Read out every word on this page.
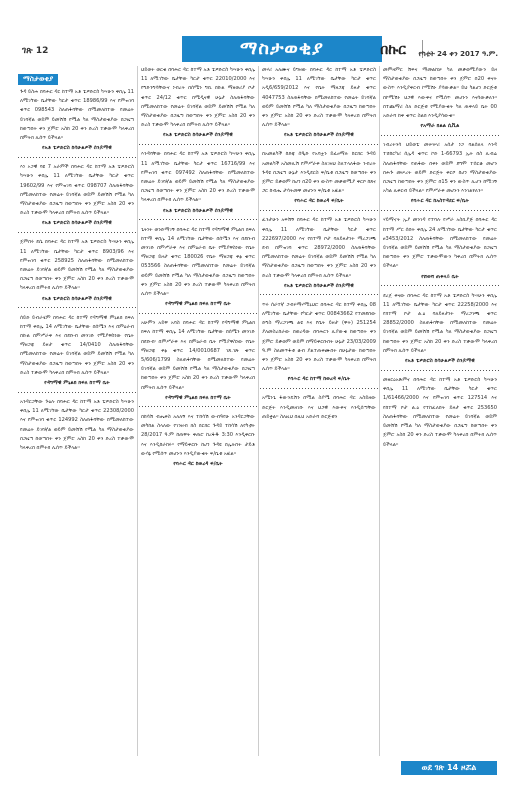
ገጽ 12	ማስታወቂያ	በኩር የካቲት 24 ቀን 2017 ዓ.ም.
ማስታወቂያ

ጉዳ ይስሐ በባሕር ዳር ከተማ አቶ ቴዎድሮስ ካሣሁን ቀበሌ 11 ለሚገኘው ቤታቸው ካርታ ቁጥር 18986/99 እና የምዝገባ ቁጥር 098543 ስለጠፋባቸው በሚመለከተው የመሬት ይገባኛል ወይም ይመሽሽ የሚል ካለ ማስታወቂያው በጋዜጣ ከወጣበት ቀን ጀምሮ አስከ 20 ቀን ድረስ ተቃውሞ ካላቀረበ በምትክ ሊሰጥ ይችላል፡፡

የአቶ ቴዎድሮስ ከሳሁልዎች ሰንዶማዊ

እነ ኦጋዊ ባዩ 7 አራምች በባሕር ዳር ከተማ አቶ ቴዎድሮስ ካሣሁን ቀበሌ 11 ለሚገኘው ቤታቸው ካርታ ቁጥር 19602/99 እና የምዝገባ ቁጥር 098707 ስለጠፋባቸው በሚመለከተው የመሬት ይገባኛል ወይም ይመሽሽ የሚል ካለ ማስታወቂያው በጋዜጣ ከወጣበት ቀን ጀምሮ አስከ 20 ቀን ድረስ ተቃውሞ ካላቀረበ በምትክ ሊሰጥ ይችላል፡፡

የአቶ ቴዎድሮስ ከሳሁልዎች ሰንዶማዊ

ጀምበሩ ደሴ በባሕር ዳር ከተማ አቶ ቴዎድሮስ ካሣሁን ቀበሌ 11 ለሚገኘው ቤታቸው ካርታ ቁጥር 8903/96 እና የምዝገባ ቁጥር 258925 ስለጠፋባቸው በሚመለከተው የመሬት ይገባኛል ወይም ይመሽሽ የሚል ካለ ማስታወቂያው በጋዜጣ ከወጣበት ቀን ጀምሮ አስከ 20 ቀን ድረስ ተቃውሞ ካላቀረበ በምትክ ሊሰጥ ይችላል፡፡

የአቶ ቴዎድሮስ ከሳሁልዎች ሰንዶማዊ

ሰይድ ይብራሂም በባሕር ዳር ከተማ የዳግማዊ ምኒልክ ክፍለ ከተማ ቀበሌ 14 ለሚገኘው ቤታቸው በሰሜን እና በምዕራብ በኩል በምሥራቅ እና በደቡብ መንገድ የሚያዋስነው የቤት ማዘጋጃ ይዞታ ቁጥር 14/0410 ስለጠፋባቸው በሚመለከተው የመሬት ይገባኛል ወይም ይመሽሽ የሚል ካለ ማስታወቂያው በጋዜጣ ከወጣበት ቀን ጀምሮ አስከ 20 ቀን ድረስ ተቃውሞ ካላቀረበ በምትክ ሊሰጥ ይችላል፡፡

የዳግማዊ ምኒልክ ክፍለ ከተማ ቤት

አንዳርጋቸው ጉዕሉ በባሕር ዳር ከተማ አቶ ቴዎድሮስ ካሣሁን ቀበሌ 11 ለሚገኘው ቤታቸው ካርታ ቁጥር 22308/2000 እና የምዝገባ ቁጥር 124992 ስለጠፋባቸው በሚመለከተው የመሬት ይገባኛል ወይም ይመሽሽ የሚል ካለ ማስታወቂያው በጋዜጣ ከወጣበት ቀን ጀምሮ አስከ 20 ቀን ድረስ ተቃውሞ ካላቀረበ በምትክ ሊሰጥ ይችላል፡፡

ህይወት ወርቁ በባሕር ዳር ከተማ አቶ ቴዎድሮስ ካሣሁን ቀበሌ 11 ለሚገኘው ቤታቸው ካርታ ቁጥር 22010/2000 እና የግድንግሳቸውና ነብረት በሰሜን ግቢ በኩል ማዘወሪያ ቦታ ቁጥር 24/12 ቁጥር በሜዲናዊ ሁኔታ ስለጠፋባቸው በሚመለከተው የመሬት ይገባኛል ወይም ይመሽሽ የሚል ካለ ማስታወቂያው በጋዜጣ ከወጣበት ቀን ጀምሮ አስከ 20 ቀን ድረስ ተቃውሞ ካላቀረበ በምትክ ሊሰጥ ይችላል፡፡

የአቶ ቴዎድሮስ ከሳሁልዎች ሰንዶማዊ

እንዳሻቸው በባሕር ዳር ከተማ አቶ ቴዎድሮስ ካሣሁን ቀበሌ 11 ለሚገኘው ቤታቸው ካርታ ቁጥር 16716/99 እና የምዝገባ ቁጥር 097492 ስለጠፋባቸው በሚመለከተው የመሬት ይገባኛል ወይም ይመሽሽ የሚል ካለ ማስታወቂያው በጋዜጣ ከወጣበት ቀን ጀምሮ አስከ 20 ቀን ድረስ ተቃውሞ ካላቀረበ በምትክ ሊሰጥ ይችላል፡፡

የአቶ ቴዎድሮስ ከሳሁልዎች ሰንዶማዊ

ጌትነት ወንድማገኝ በባሕር ዳር ከተማ የዳግማዊ ምኒልክ ክፍለ ከተማ ቀበሌ 14 ለሚገኘው ቤታቸው በሰሜን እና በደቡብ መንገድ በምሥራቅ እና በምዕራብ ቤት የሚያዋስነው የቤት ማዘጋጃ ይዞታ ቁጥር 180026 የቤት ማዘጋጃ ቅፅ ቁጥር 053566 ስለጠፋባቸው በሚመለከተው የመሬት ይገባኛል ወይም ይመሽሽ የሚል ካለ ማስታወቂያው በጋዜጣ ከወጣበት ቀን ጀምሮ አስከ 20 ቀን ድረስ ተቃውሞ ካላቀረበ በምትክ ሊሰጥ ይችላል፡፡

የዳግማዊ ምኒልክ ክፍለ ከተማ ቤት

አሁምን አይዋ አባስ በባሕር ዳር ከተማ የዳግማዊ ምኒልክ ክፍለ ከተማ ቀበሌ 14 ለሚገኘው ቤታቸው በሰሜን መንገድ በደቡብ፡ በምሥራቅ እና በምዕራብ ቤት የሚያዋስነው የቤት ማዘጋጃ ቅፅ ቁጥር 14/0010687 ገጸ.ገጽ ቁጥር 5/606/1799 ስለጠፋባቸው በሚመለከተው የመሬት ይገባኛል ወይም ይመሽሽ የሚል ካለ ማስታወቂያው በጋዜጣ ከወጣበት ቀን ጀምሮ አስከ 20 ቀን ድረስ ተቃውሞ ካላቀረበ በምትክ ሊሰጥ ይችላል፡፡

የዳግማዊ ምኒልክ ክፍለ ከተማ ቤት

በከሳሽ ብሔቅስ አለለኝ እና ተከሳሽ ውብዓየሁ አንዳርጋቸው መካከል ስላለው የገንዘብ ክስ ክርክር ጉዳይ ተከሳሽ ለየካቲት 28/2017 ዓ.ም ከጠዋት ቀጠሮ ከረፋዱ 3:30 እንዲቀርቡ እና እንዲከራከሩ፡፡ የማይቀርቡ ከሆነ ጉዳዩ በሌሉበት ታይቶ ውሳኔ የሚሰጥ መሆኑን እንዲያውቁት ፍ/ቤቱ አዟል፡፡

የባሕር ዳር ከወረዳ ፍ/ቤት

መሃሪ አለሙና ይግዛው በባሕር ዳር ከተማ አቶ ቴዎድሮስ ካሣሁን ቀበሌ 11 ለሚገኘው ቤታቸው ካርታ ቁጥር አዲ6/659/2012 እና የቤት ማዘጋጃ ይዞታ ቁጥር 4047753 ስለጠፋባቸው በሚመለከተው የመሬት ይገባኛል ወይም ይመሽሽ የሚል ካለ ማስታወቂያው በጋዜጣ ከወጣበት ቀን ጀምሮ አስከ 20 ቀን ድረስ ተቃውሞ ካላቀረበ በምትክ ሊሰጥ ይችላል፡፡

የአቶ ቴዎድሮስ ከሳሁልዎች ሰንዶማዊ

በአመልካች ከድጃ ሰዒድ የአባቷን ይፈፀማሉ ከርክር ጉዳይ አመልካች አስመሊሽ የምሥራቅ ስለገዛህ ስለተላለፋው ንብረት ጉዳዩ በጋዜጣ ሁኔታ እንዲደርስ ፍ/ቤቱ በጋዜጣ ከወጣበት ቀን ጀምሮ ይቃወም ከሆነ በ20 ቀን ውስጥ መቃወሚያ ቀርቦ ከጸና ጋር ከብሔ ታሳትመዋ መሆኑን ፍ/ቤቱ አዟል፡፡

የባሕር ዳር ከወረዳ ፍ/ቤት

ፈንታሁን አፍሽኝ በባሕር ዳር ከተማ አቶ ቴዎድሮስ ካሣሁን ቀበሌ 11 ለሚገኘው ቤታቸው ካርታ ቁጥር 222697/2000 እና የክተማ ቦታ ባለይዞታነት ማረጋገጫ ደብ በምዝገባ ቁጥር 28972/2000 ስለጠፋባቸው በሚመለከተው የመሬት ይገባኛል ወይም ይመሽሽ የሚል ካለ ማስታወቂያው በጋዜጣ ከወጣበት ቀን ጀምሮ አስከ 20 ቀን ድረስ ተቃውሞ ካላቀረበ በምትክ ሊሰጥ ይችላል፡፡

የአቶ ቴዎድሮስ ከሳሁልዎች ሰንዶማዊ

ጥሩ ሰራተኛ ጋብሩማሃሚኒህሮ በባሕር ዳር ከተማ ቀበሌ 08 ለሚገኘው ቤታቸው የካርታ ቁጥር 00843662 የተመደበው ድግስ ማረጋገጫ ልዩ እና የቤት ይዞታ (ዋት) 251254 ያለመስረከራው በወረዳው በባሕርን ሊያውቁ ከወጣበት ቀን ጀምሮ ይቃወም ወይም በማይቀርቡበት ሁኔታ 23/03/2009 ዓ.ም ስለመጥፋቱ ቆብ ያልተጠቀሙበት በሁኔታው ከወጣበት ቀን ጀምሮ አስከ 20 ቀን ድረስ ተቃውሞ ካላቀረበ በምትክ ሊሰጥ ይችላል፡፡

የባሕር ዳር ከተማ ከወረዳ ፍ/ቤት

አሜንጌ ፋውንዴሽን በሚል ስያሜ በባሕር ዳር አስይዘው ድርጅት እንዲመዘገቡ እና ህጋዊ እውቅና እንዲሰጣቸው ጠይቋል፡፡ ስለዚህ በዚህ አድራሻ ድርጅቱን

መምዛምር ሽፍና ማመልከቻ ካለ መቃወሚያውን ይዞ ማስታወቂያው በጋዜጣ ከወጣበት ቀን ጀምሮ በ20 ቀናት ውስጥ እንዲያቀርብ ኮሚሽኑ ያሳውቃል፡፡ ይህ ካልሆነ ድርጅቱ በኮሚሽኑ ህጋዊ እውቅና የሚሰጥ መሆኑን እናሳውቃለን፡፡ በተጨማሪ ስለ ድርጅቱ የሚያውቁት ካለ ጠቅላይ ቤት 00 አድራሻ ከቀ ቁጥር ስልክ እንዲያሳውቁ፡፡

የአማራ ክልል ሲቪል

ገብረትንሳ ህይወቴ መሠሠሪ አሰታ ነጋ ባልሰለላ እንዳ ተሸከርካሪ ሰሌዳ ቁጥር ኮድ 1-66793 ኢት በስ ሊብሬ ስለጠፋባቸው የጠፋው በቀኑ ወይም ደግሞ ተሰርቆ መሆን በሕጉ መሠረት ወይም ድርጅት ቀርቦ ከሆነ ማስታወቂያው በጋዜጣ ከወጣበት ቀን ጀምሮ በ15 ቀን ውስጥ ሊሆን ከሚገኝ አካል ሊቀርብ ይችላል፡፡ የምሥራቅ መሆኑን እንገልፃለን፡፡

የባሕር ዳር ከአስተዳደር ፍ/ቤት

ሃይማኖት ኢያ መንገዳ የተባሉ የሥራ አስኪያጅ በባሕር ዳር ከተማ ሥር ሰበት ቀበሌ 24 ለሚገኘው ቤታቸው ካርታ ቁጥር ፀ3453/2012 ስለጠፋባቸው በሚመለከተው የመሬት ይገባኛል ወይም ይመሽሽ የሚል ካለ ማስታወቂያው በጋዜጣ ከወጣበት ቀን ጀምሮ ተቃውሞውን ካቀረበ በምትክ ሊሰጥ ይችላል፡፡

የሸወሻ ጠቅላይ ቤት

ደረጀ ቀናው በባሕር ዳር ከተማ አቶ ቴዎድሮስ ካሣሁን ቀበሌ 11 ለሚገኘው ቤታቸው ካርታ ቁጥር 22258/2000 እና የክተማ ቦታ ል.ዕ ባለይዞታነት ማረጋገጫ ቁጥር 28852/2000 ስለጠፋባቸው በሚመለከተው የመሬት ይገባኛል ወይም ይመሽሽ የሚል ካለ ማስታወቂያው በጋዜጣ ከወጣበት ቀን ጀምሮ አስከ 20 ቀን ድረስ ተቃውሞ ካላቀረበ በምትክ ሊሰጥ ይችላል፡፡

የአቶ ቴዎድሮስ ከሳሁልዎች ሰንዶማዊ

መዘርዕአጽምና በባሕር ዳር ከተማ አቶ ቴዎድሮስ ካሣሁን ቀበሌ 11 ለሚገኘው ቤታቸው ካርታ ቁጥር 1/61466/2000 እና የምዝገባ ቁጥር 127514 እና የከተማ ቦታ ል.ዕ የተከፈለበት ይዞታ ቁጥር 253650 ስለጠፋባቸው በሚመለከተው የመሬት ይገባኛል ወይም ይመሽሽ የሚል ካለ ማስታወቂያው በጋዜጣ ከወጣበት ቀን ጀምሮ አስከ 20 ቀን ድረስ ተቃውሞ ካላቀረበ በምትክ ሊሰጥ ይችላል፡፡

ወደ ገጽ 14 ዞሯል
